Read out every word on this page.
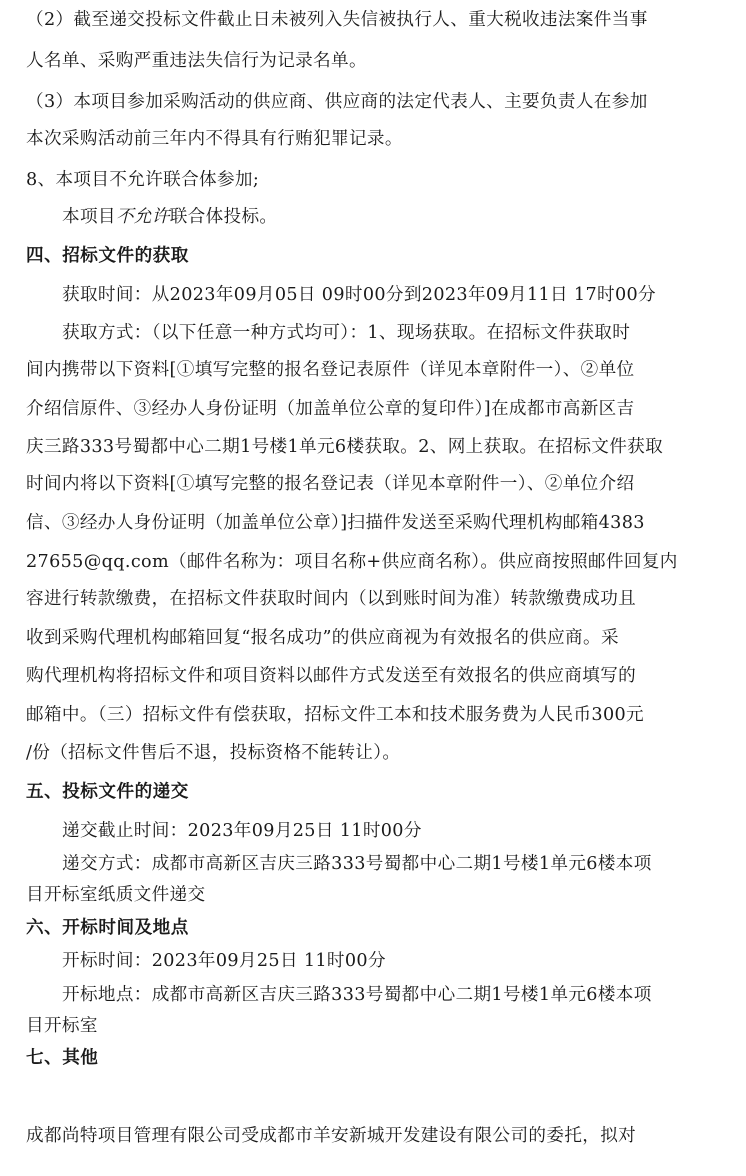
（2）截至递交投标文件截止日未被列入失信被执行人、重大税收违法案件当事
人名单、采购严重违法失信行为记录名单。
（3）本项目参加采购活动的供应商、供应商的法定代表人、主要负责人在参加
本次采购活动前三年内不得具有行贿犯罪记录。
8、本项目不允许联合体参加;
本项目不允许联合体投标。
四、招标文件的获取
获取时间：从2023年09月05日 09时00分到2023年09月11日 17时00分
获取方式：（以下任意一种方式均可）：1、现场获取。在招标文件获取时
间内携带以下资料[①填写完整的报名登记表原件（详见本章附件一）、②单位
介绍信原件、③经办人身份证明（加盖单位公章的复印件）]在成都市高新区吉
庆三路333号蜀都中心二期1号楼1单元6楼获取。2、网上获取。在招标文件获取
时间内将以下资料[①填写完整的报名登记表（详见本章附件一）、②单位介绍
信、③经办人身份证明（加盖单位公章）]扫描件发送至采购代理机构邮箱4383
27655@qq.com（邮件名称为：项目名称+供应商名称）。供应商按照邮件回复内
容进行转款缴费，在招标文件获取时间内（以到账时间为准）转款缴费成功且
收到采购代理机构邮箱回复“报名成功”的供应商视为有效报名的供应商。采
购代理机构将招标文件和项目资料以邮件方式发送至有效报名的供应商填写的
邮箱中。（三）招标文件有偿获取，招标文件工本和技术服务费为人民币300元
/份（招标文件售后不退，投标资格不能转让）。
五、投标文件的递交
递交截止时间：2023年09月25日 11时00分
递交方式：成都市高新区吉庆三路333号蜀都中心二期1号楼1单元6楼本项
目开标室纸质文件递交
六、开标时间及地点
开标时间：2023年09月25日 11时00分
开标地点：成都市高新区吉庆三路333号蜀都中心二期1号楼1单元6楼本项
目开标室
七、其他
成都尚特项目管理有限公司受成都市羊安新城开发建设有限公司的委托，拟对
